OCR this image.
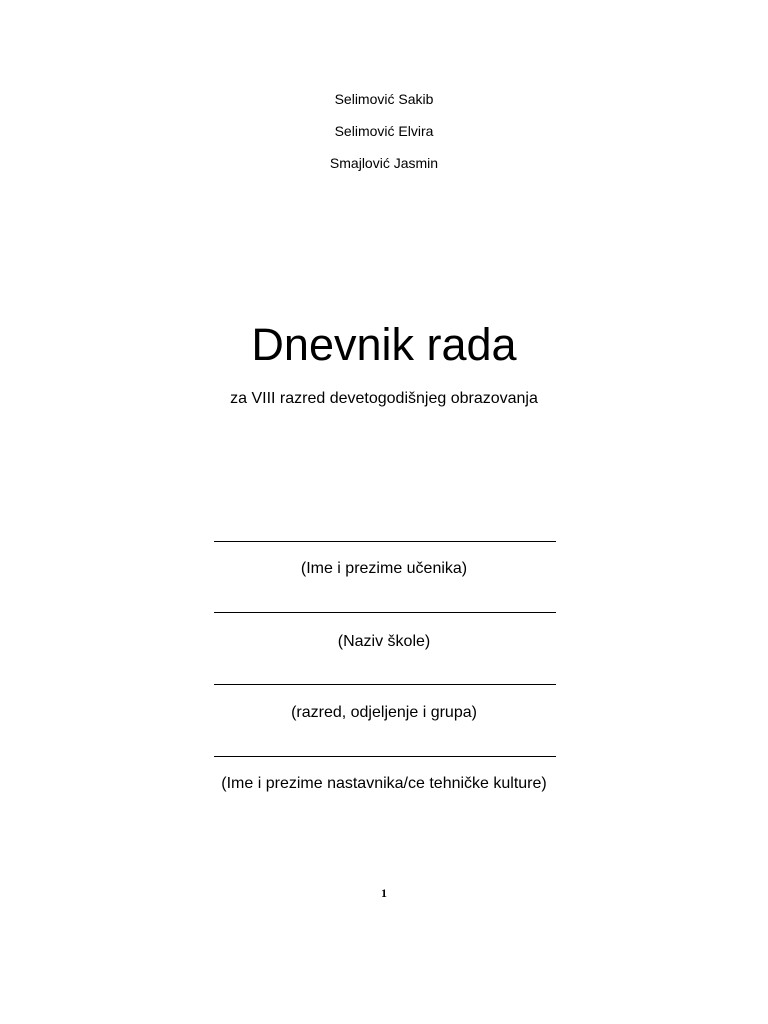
Selimović Sakib
Selimović Elvira
Smajlović Jasmin
Dnevnik rada
za VIII razred devetogodišnjeg obrazovanja
(Ime i prezime učenika)
(Naziv škole)
(razred, odjeljenje i grupa)
(Ime i prezime nastavnika/ce tehničke kulture)
1
